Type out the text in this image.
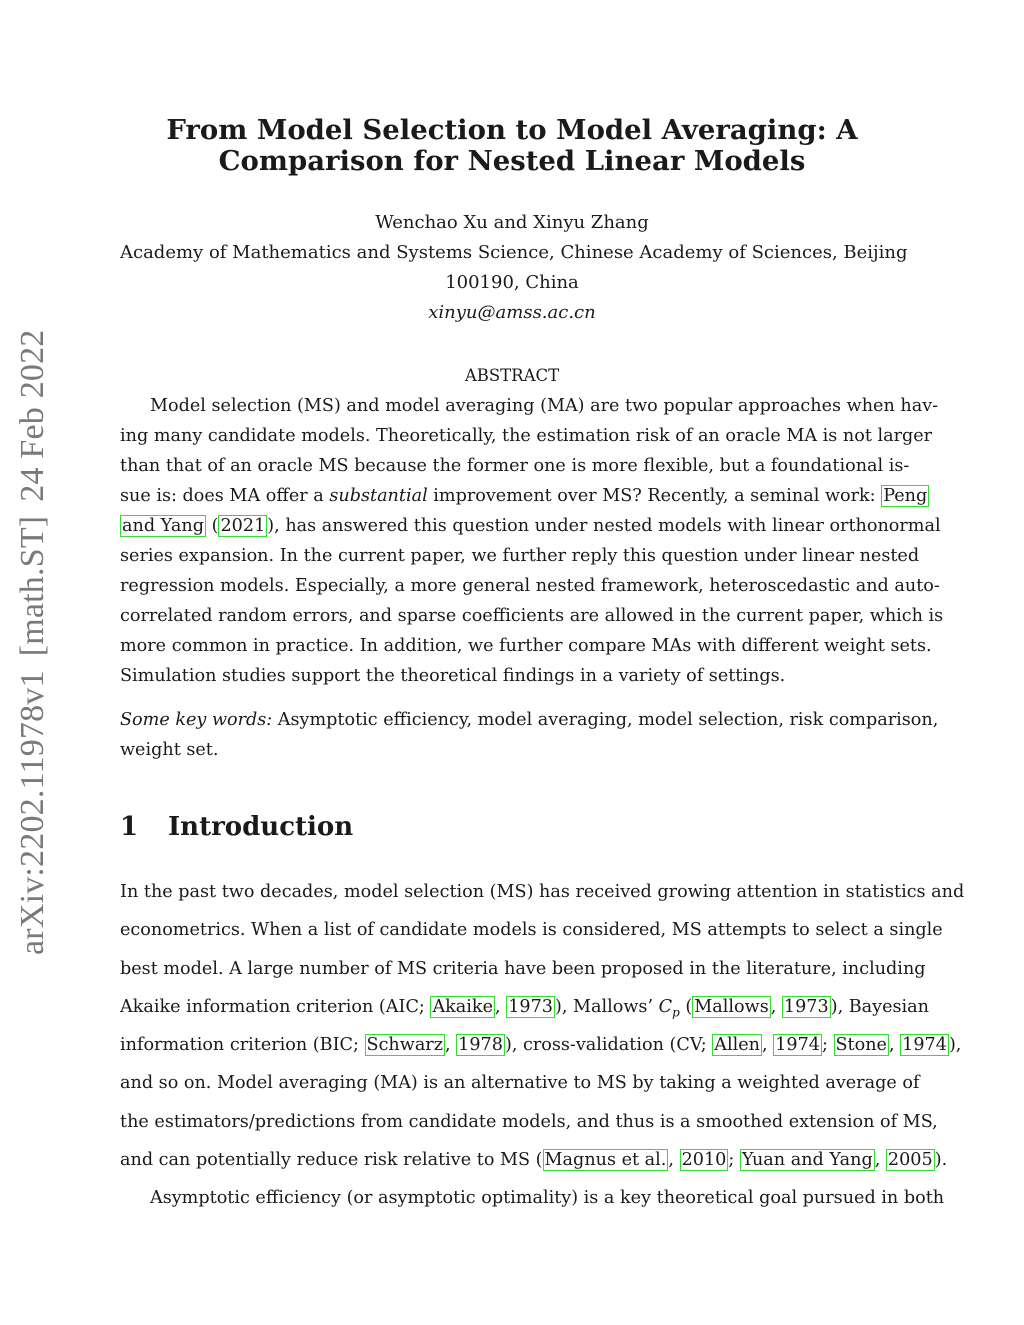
arXiv:2202.11978v1[math.ST]24 Feb 2022
From Model Selection to Model Averaging: A
Comparison for Nested Linear Models
Wenchao Xu and Xinyu Zhang
Academy of Mathematics and Systems Science, Chinese Academy of Sciences, Beijing
100190, China
xinyu@amss.ac.cn
ABSTRACT
Model selection (MS) and model averaging (MA) are two popular approaches when hav-
ing many candidate models. Theoretically, the estimation risk of an oracle MA is not larger
than that of an oracle MS because the former one is more flexible, but a foundational is-
sue is: does MA offer a substantial improvement over MS? Recently, a seminal work: Peng
and Yang ( 2021 ), has answered this question under nested models with linear orthonormal
series expansion. In the current paper, we further reply this question under linear nested
regression models. Especially, a more general nested framework, heteroscedastic and auto-
correlated random errors, and sparse coefficients are allowed in the current paper, which is
more common in practice. In addition, we further compare MAs with different weight sets.
Simulation studies support the theoretical findings in a variety of settings.
Some key words: Asymptotic efficiency, model averaging, model selection, risk comparison,
weight set.
1 Introduction
In the past two decades, model selection (MS) has received growing attention in statistics and
econometrics. When a list of candidate models is considered, MS attempts to select a single
best model. A large number of MS criteria have been proposed in the literature, including
Akaike information criterion (AIC; Akaike , 1973 ), Mallows’ $C_p$ ( Mallows , 1973 ), Bayesian
information criterion (BIC; Schwarz , 1978 ), cross-validation (CV; Allen , 1974 ; Stone , 1974 ),
and so on. Model averaging (MA) is an alternative to MS by taking a weighted average of
the estimators/predictions from candidate models, and thus is a smoothed extension of MS,
and can potentially reduce risk relative to MS ( Magnus et al. , 2010 ; Yuan and Yang , 2005 ).
Asymptotic efficiency (or asymptotic optimality) is a key theoretical goal pursued in both
